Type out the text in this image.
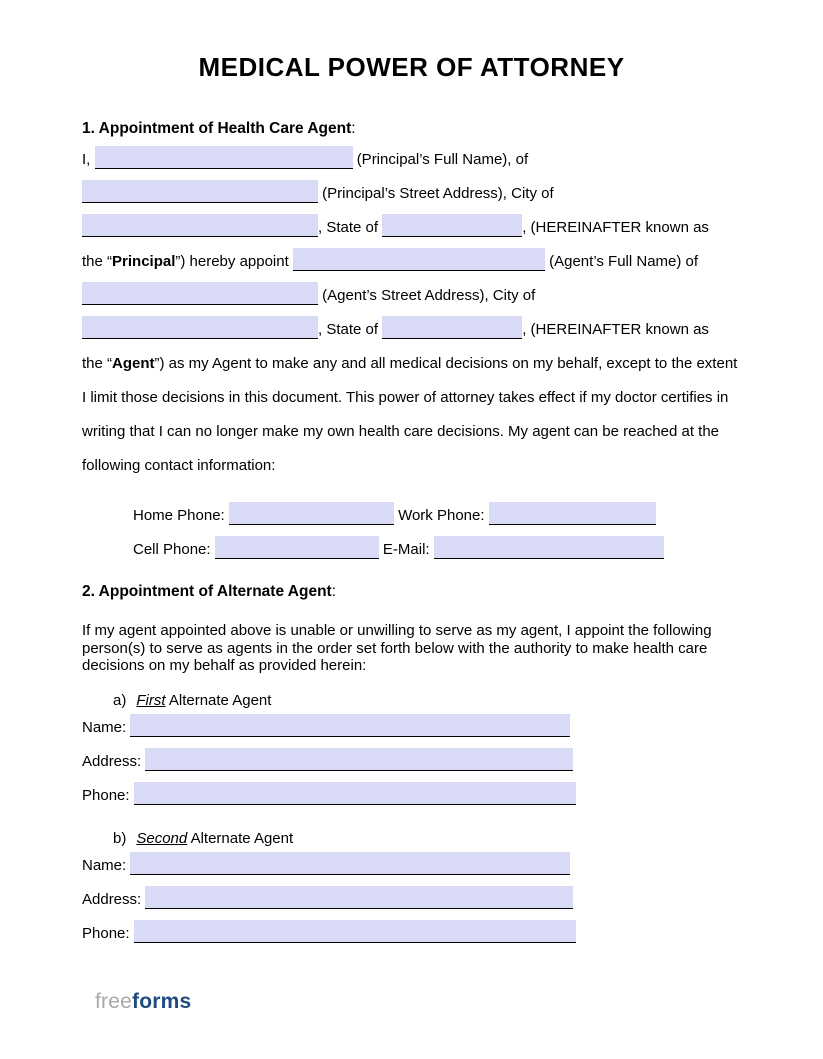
MEDICAL POWER OF ATTORNEY
1. Appointment of Health Care Agent:
I,	(Principal’s Full Name), of
(Principal’s Street Address), City of
, State of	, (HEREINAFTER known as
the “Principal”) hereby appoint	(Agent’s Full Name) of
(Agent’s Street Address), City of
, State of	, (HEREINAFTER known as

the “Agent”) as my Agent to make any and all medical decisions on my behalf, except to the extent I limit those decisions in this document. This power of attorney takes effect if my doctor certifies in writing that I can no longer make my own health care decisions. My agent can be reached at the following contact information:

Home Phone:	Work Phone:
Cell Phone:	E-Mail:
2. Appointment of Alternate Agent:

If my agent appointed above is unable or unwilling to serve as my agent, I appoint the following person(s) to serve as agents in the order set forth below with the authority to make health care decisions on my behalf as provided herein:

a) First Alternate Agent
Name:
Address:
Phone:
b) Second Alternate Agent
Name:
Address:
Phone:
freeforms
